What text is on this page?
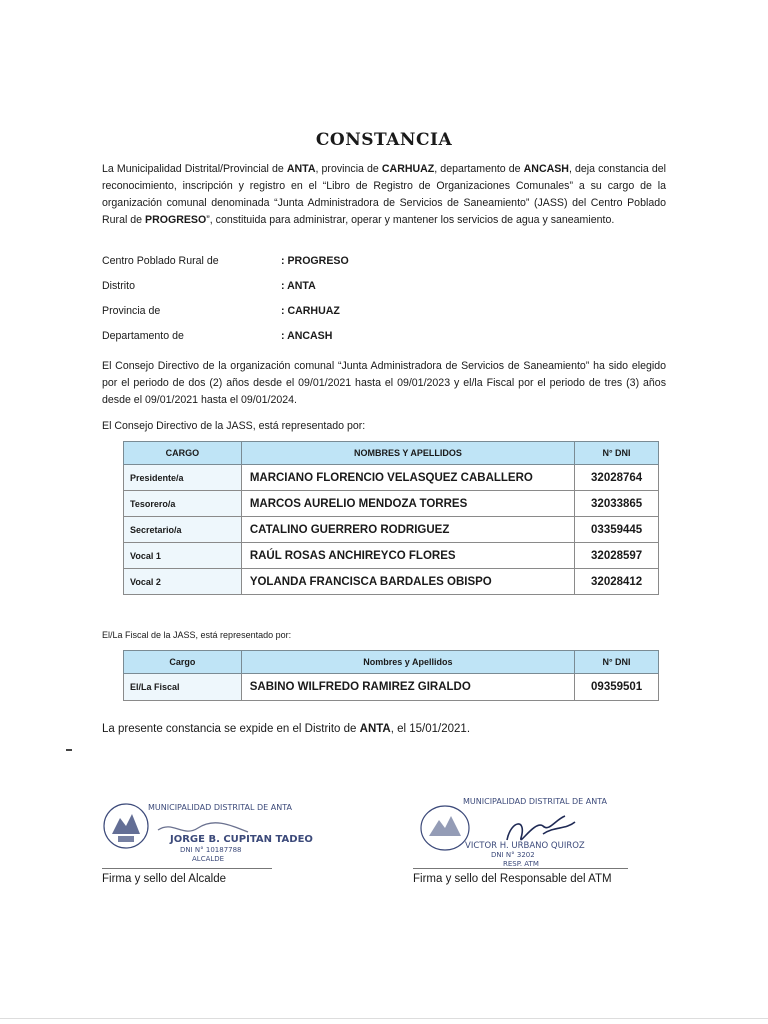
CONSTANCIA
La Municipalidad Distrital/Provincial de ANTA, provincia de CARHUAZ, departamento de ANCASH, deja constancia del reconocimiento, inscripción y registro en el “Libro de Registro de Organizaciones Comunales” a su cargo de la organización comunal denominada “Junta Administradora de Servicios de Saneamiento” (JASS) del Centro Poblado Rural de PROGRESO”, constituida para administrar, operar y mantener los servicios de agua y saneamiento.
Centro Poblado Rural de	: PROGRESO
Distrito	: ANTA
Provincia de	: CARHUAZ
Departamento de	: ANCASH
El Consejo Directivo de la organización comunal “Junta Administradora de Servicios de Saneamiento” ha sido elegido por el periodo de dos (2) años desde el 09/01/2021 hasta el 09/01/2023 y el/la Fiscal por el periodo de tres (3) años desde el 09/01/2021 hasta el 09/01/2024.
El Consejo Directivo de la JASS, está representado por:
CARGO	NOMBRES Y APELLIDOS	N° DNI
Presidente/a	MARCIANO FLORENCIO VELASQUEZ CABALLERO	32028764
Tesorero/a	MARCOS AURELIO MENDOZA TORRES	32033865
Secretario/a	CATALINO GUERRERO RODRIGUEZ	03359445
Vocal 1	RAÚL ROSAS ANCHIREYCO FLORES	32028597
Vocal 2	YOLANDA FRANCISCA BARDALES OBISPO	32028412
El/La Fiscal de la JASS, está representado por:
Cargo	Nombres y Apellidos	N° DNI
El/La Fiscal	SABINO WILFREDO RAMIREZ GIRALDO	09359501
La presente constancia se expide en el Distrito de ANTA, el 15/01/2021.
MUNICIPALIDAD DISTRITAL DE ANTA
JORGE B. CUPITAN TADEO
DNI N° 10187788
ALCALDE
MUNICIPALIDAD DISTRITAL DE ANTA
VICTOR H. URBANO QUIROZ
DNI N° 3202
RESP. ATM
Firma y sello del Alcalde	Firma y sello del Responsable del ATM
